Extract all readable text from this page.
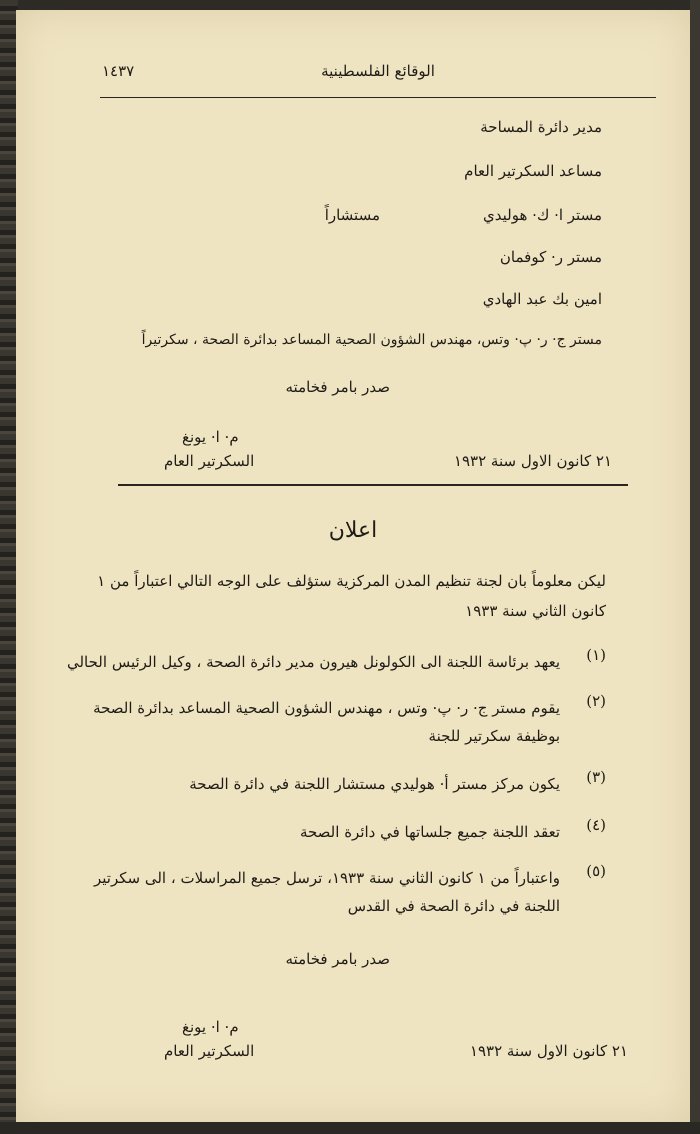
الوقائع الفلسطينية
١٤٣٧
مدير دائرة المساحة
مساعد السكرتير العام
مستر ا· ك· هوليدي
مستشاراً
مستر ر· كوفمان
امين بك عبد الهادي
مستر ج· ر· پ· وتس، مهندس الشؤون الصحية المساعد بدائرة الصحة ، سكرتيراً
صدر بامر فخامته
م· ا· يونغ
السكرتير العام	٢١ كانون الاول سنة ١٩٣٢
اعلان
ليكن معلوماً بان لجنة تنظيم المدن المركزية ستؤلف على الوجه التالي اعتباراً من ١
كانون الثاني سنة ١٩٣٣
(١)
يعهد برئاسة اللجنة الى الكولونل هيرون مدير دائرة الصحة ، وكيل الرئيس الحالي
(٢)
يقوم مستر ج· ر· پ· وتس ، مهندس الشؤون الصحية المساعد بدائرة الصحة
بوظيفة سكرتير للجنة
(٣)
يكون مركز مستر أ· هوليدي مستشار اللجنة في دائرة الصحة
(٤)
تعقد اللجنة جميع جلساتها في دائرة الصحة
(٥)
واعتباراً من ١ كانون الثاني سنة ١٩٣٣، ترسل جميع المراسلات ، الى سكرتير
اللجنة في دائرة الصحة في القدس
صدر بامر فخامته
م· ا· يونغ
السكرتير العام	٢١ كانون الاول سنة ١٩٣٢
